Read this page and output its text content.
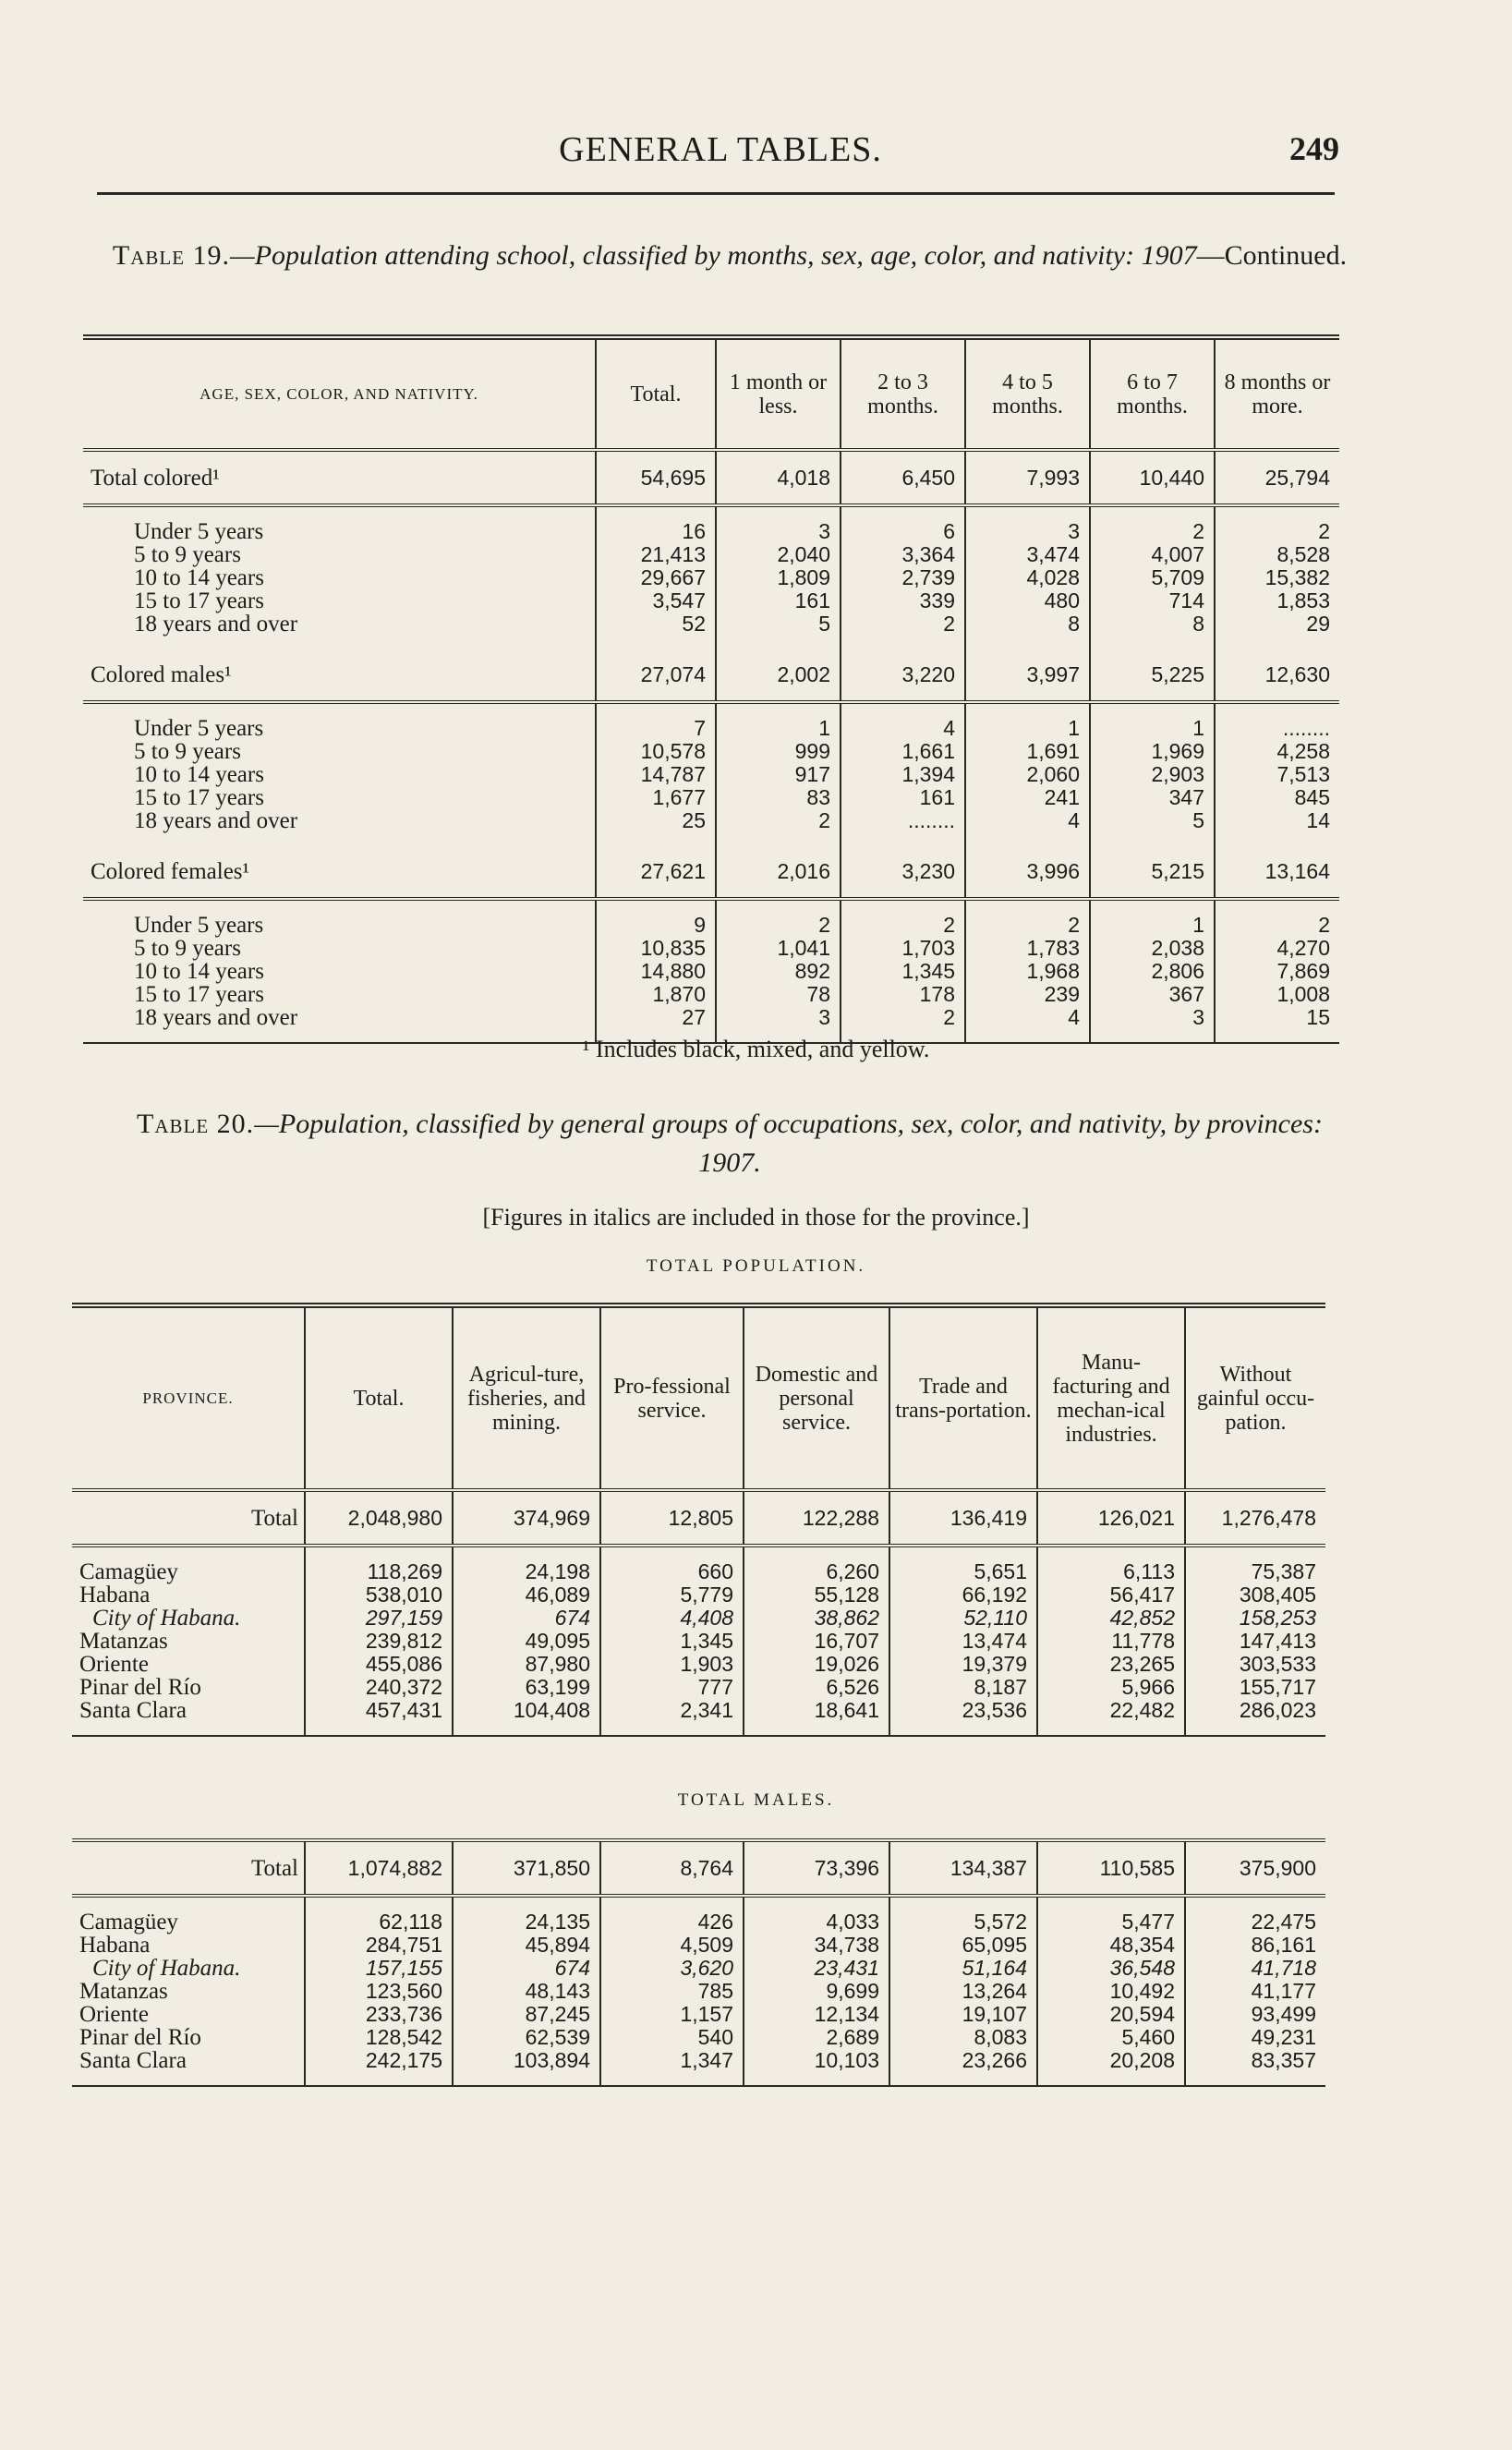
GENERAL TABLES.	249
Table 19.—Population attending school, classified by months, sex, age, color, and nativity: 1907—Continued.
AGE, SEX, COLOR, AND NATIVITY.	Total.	1 month or less.	2 to 3 months.	4 to 5 months.	6 to 7 months.	8 months or more.
Total colored¹	54,695	4,018	6,450	7,993	10,440	25,794

Under 5 years	16	3	6	3	2	2
5 to 9 years	21,413	2,040	3,364	3,474	4,007	8,528
10 to 14 years	29,667	1,809	2,739	4,028	5,709	15,382
15 to 17 years	3,547	161	339	480	714	1,853
18 years and over	52	5	2	8	8	29

Colored males¹	27,074	2,002	3,220	3,997	5,225	12,630

Under 5 years	7	1	4	1	1	........
5 to 9 years	10,578	999	1,661	1,691	1,969	4,258
10 to 14 years	14,787	917	1,394	2,060	2,903	7,513
15 to 17 years	1,677	83	161	241	347	845
18 years and over	25	2	........	4	5	14

Colored females¹	27,621	2,016	3,230	3,996	5,215	13,164

Under 5 years	9	2	2	2	1	2
5 to 9 years	10,835	1,041	1,703	1,783	2,038	4,270
10 to 14 years	14,880	892	1,345	1,968	2,806	7,869
15 to 17 years	1,870	78	178	239	367	1,008
18 years and over	27	3	2	4	3	15

¹ Includes black, mixed, and yellow.
Table 20.—Population, classified by general groups of occupations, sex, color, and nativity, by provinces: 1907.
[Figures in italics are included in those for the province.]
TOTAL POPULATION.
PROVINCE.	Total.	Agricul-ture, fisheries, and mining.	Pro-fessional service.	Domestic and personal service.	Trade and trans-portation.	Manu-facturing and mechan-ical industries.	Without gainful occu-pation.
Total	2,048,980	374,969	12,805	122,288	136,419	126,021	1,276,478

Camagüey	118,269	24,198	660	6,260	5,651	6,113	75,387
Habana	538,010	46,089	5,779	55,128	66,192	56,417	308,405
City of Habana.	297,159	674	4,408	38,862	52,110	42,852	158,253
Matanzas	239,812	49,095	1,345	16,707	13,474	11,778	147,413
Oriente	455,086	87,980	1,903	19,026	19,379	23,265	303,533
Pinar del Río	240,372	63,199	777	6,526	8,187	5,966	155,717
Santa Clara	457,431	104,408	2,341	18,641	23,536	22,482	286,023

TOTAL MALES.
Total	1,074,882	371,850	8,764	73,396	134,387	110,585	375,900

Camagüey	62,118	24,135	426	4,033	5,572	5,477	22,475
Habana	284,751	45,894	4,509	34,738	65,095	48,354	86,161
City of Habana.	157,155	674	3,620	23,431	51,164	36,548	41,718
Matanzas	123,560	48,143	785	9,699	13,264	10,492	41,177
Oriente	233,736	87,245	1,157	12,134	19,107	20,594	93,499
Pinar del Río	128,542	62,539	540	2,689	8,083	5,460	49,231
Santa Clara	242,175	103,894	1,347	10,103	23,266	20,208	83,357
